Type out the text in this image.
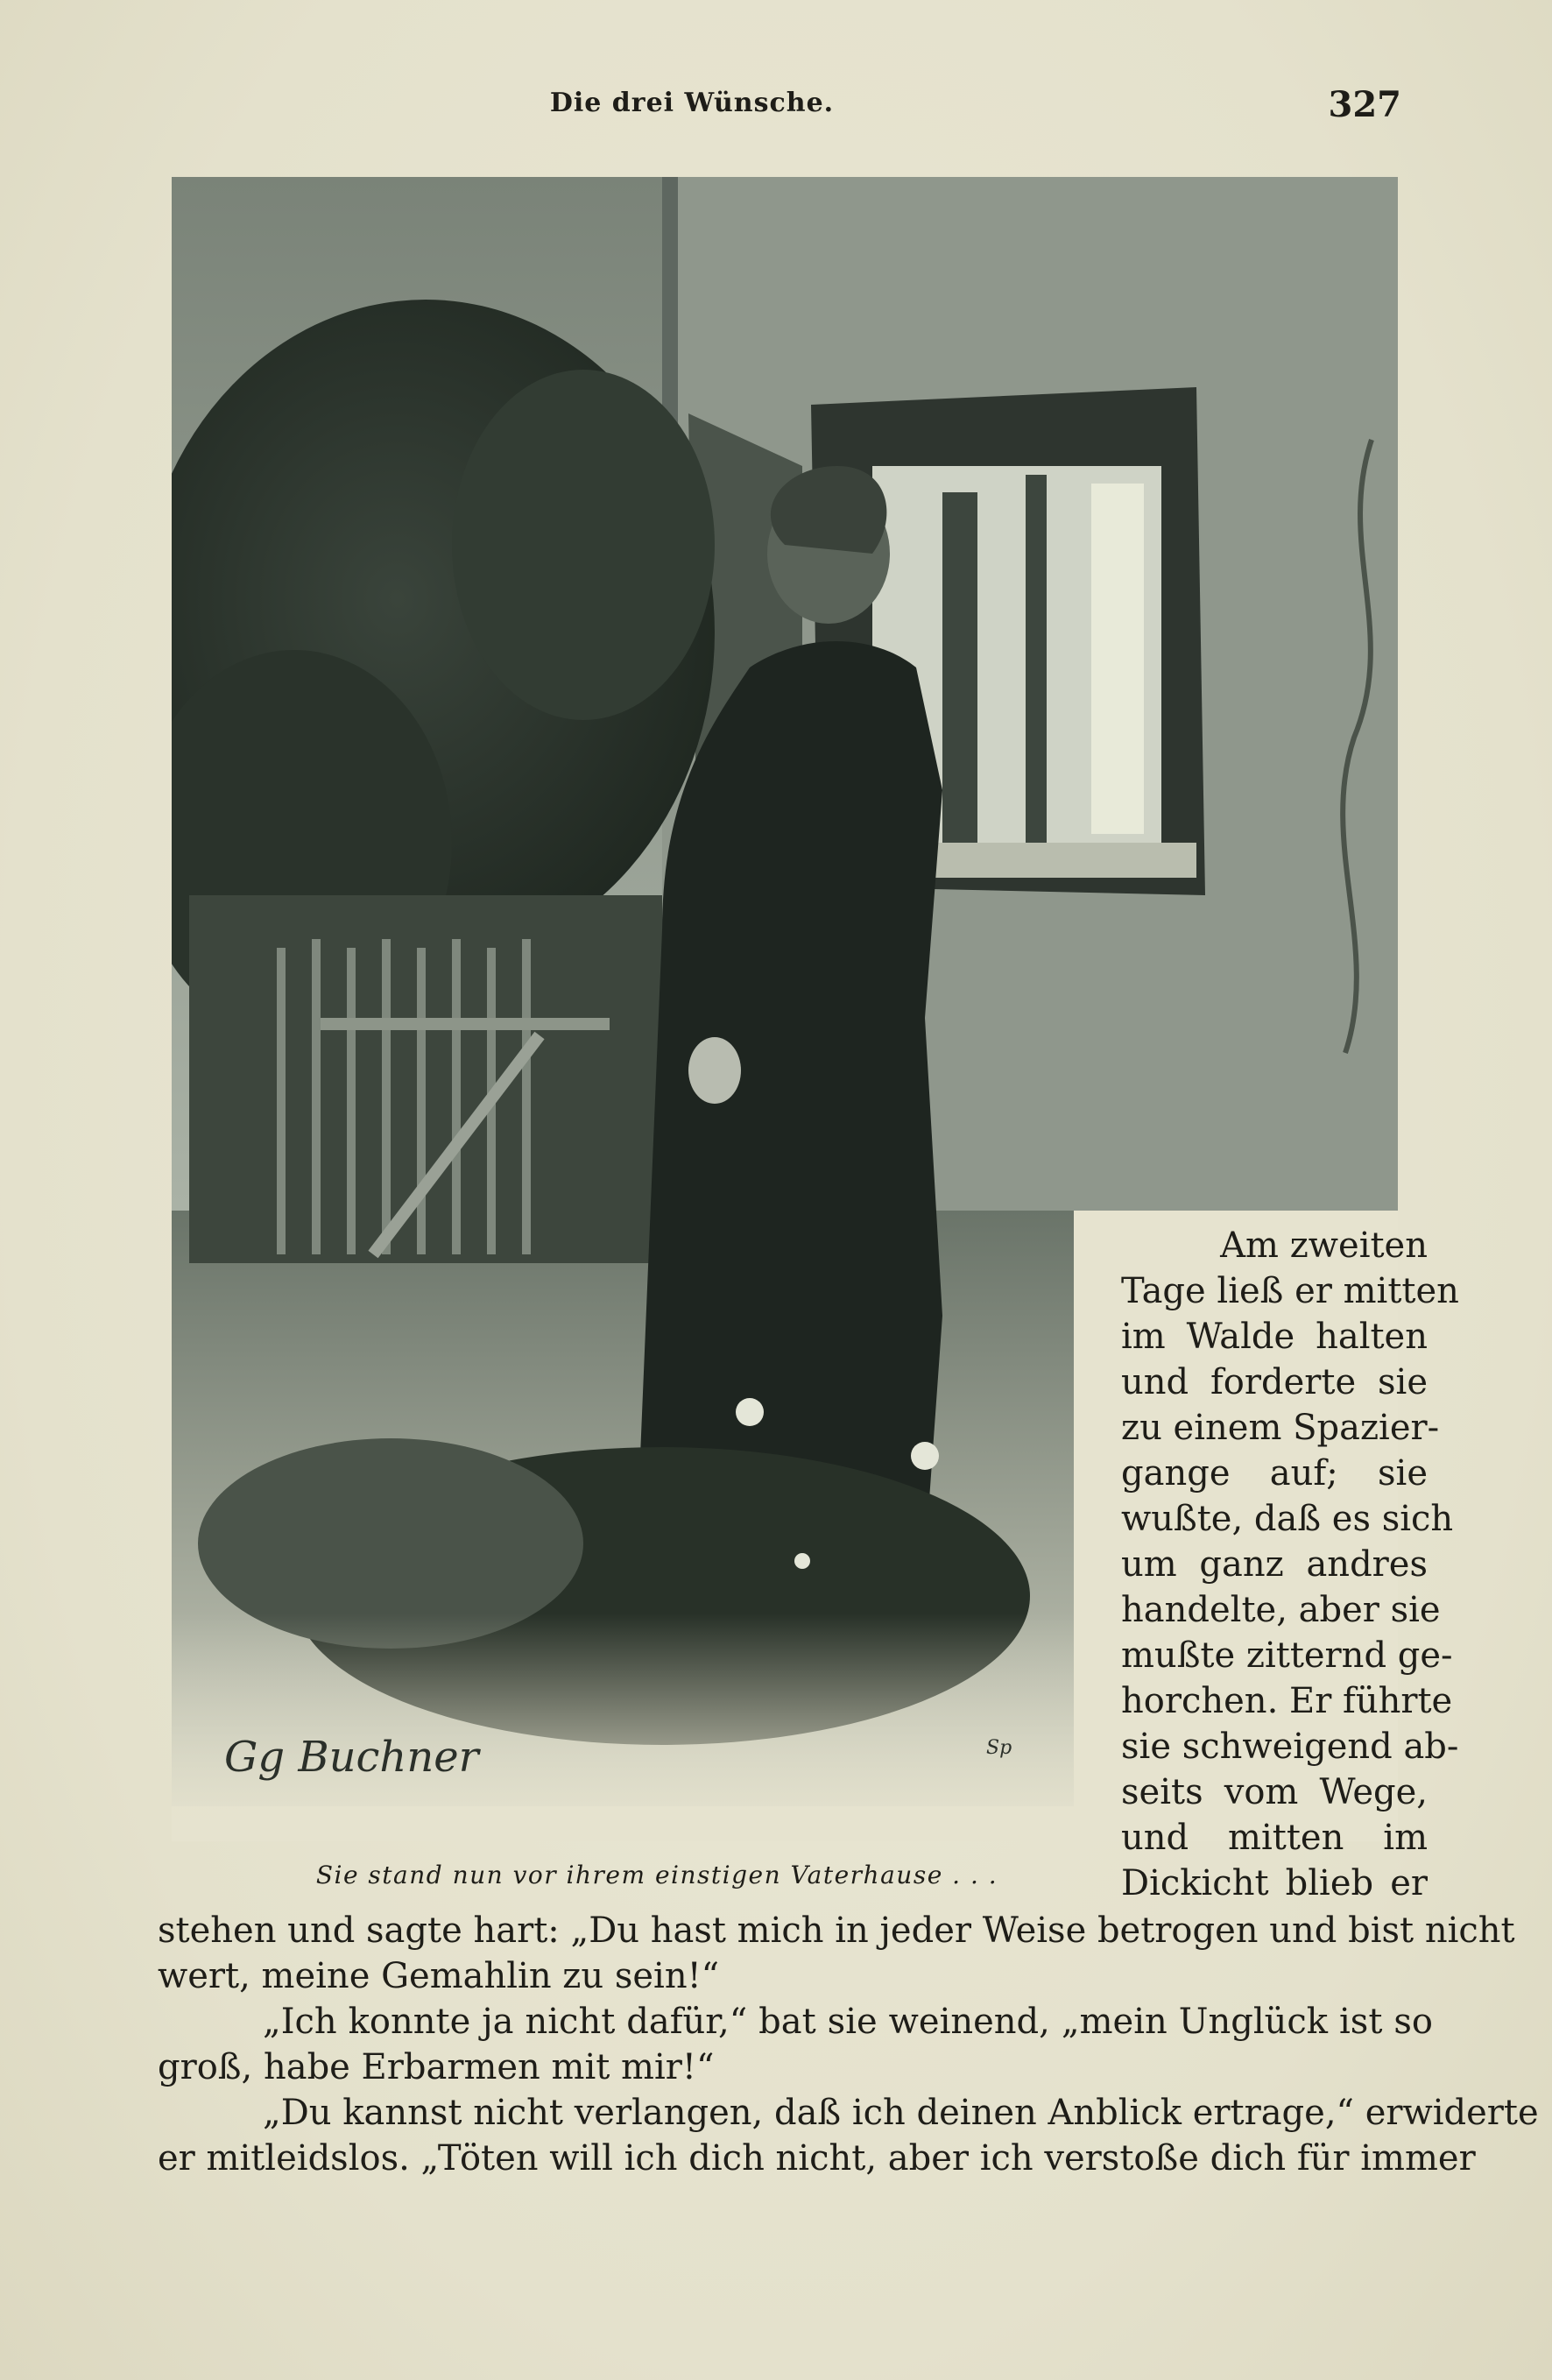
Die drei Wünsche.	327
Gg Buchner	Sp
Sie stand nun vor ihrem einstigen Vaterhause . . .
Am zweiten
Tage ließ er mitten
im Walde halten
und forderte sie
zu einem Spazier-
gange auf; sie
wußte, daß es sich
um ganz andres
handelte, aber sie
mußte zitternd ge-
horchen. Er führte
sie schweigend ab-
seits vom Wege,
und mitten im
Dickicht blieb er
stehen und sagte hart: „Du hast mich in jeder Weise betrogen und bist nicht
wert, meine Gemahlin zu sein!“
„Ich konnte ja nicht dafür,“ bat sie weinend, „mein Unglück ist so
groß, habe Erbarmen mit mir!“
„Du kannst nicht verlangen, daß ich deinen Anblick ertrage,“ erwiderte
er mitleidslos. „Töten will ich dich nicht, aber ich verstoße dich für immer
